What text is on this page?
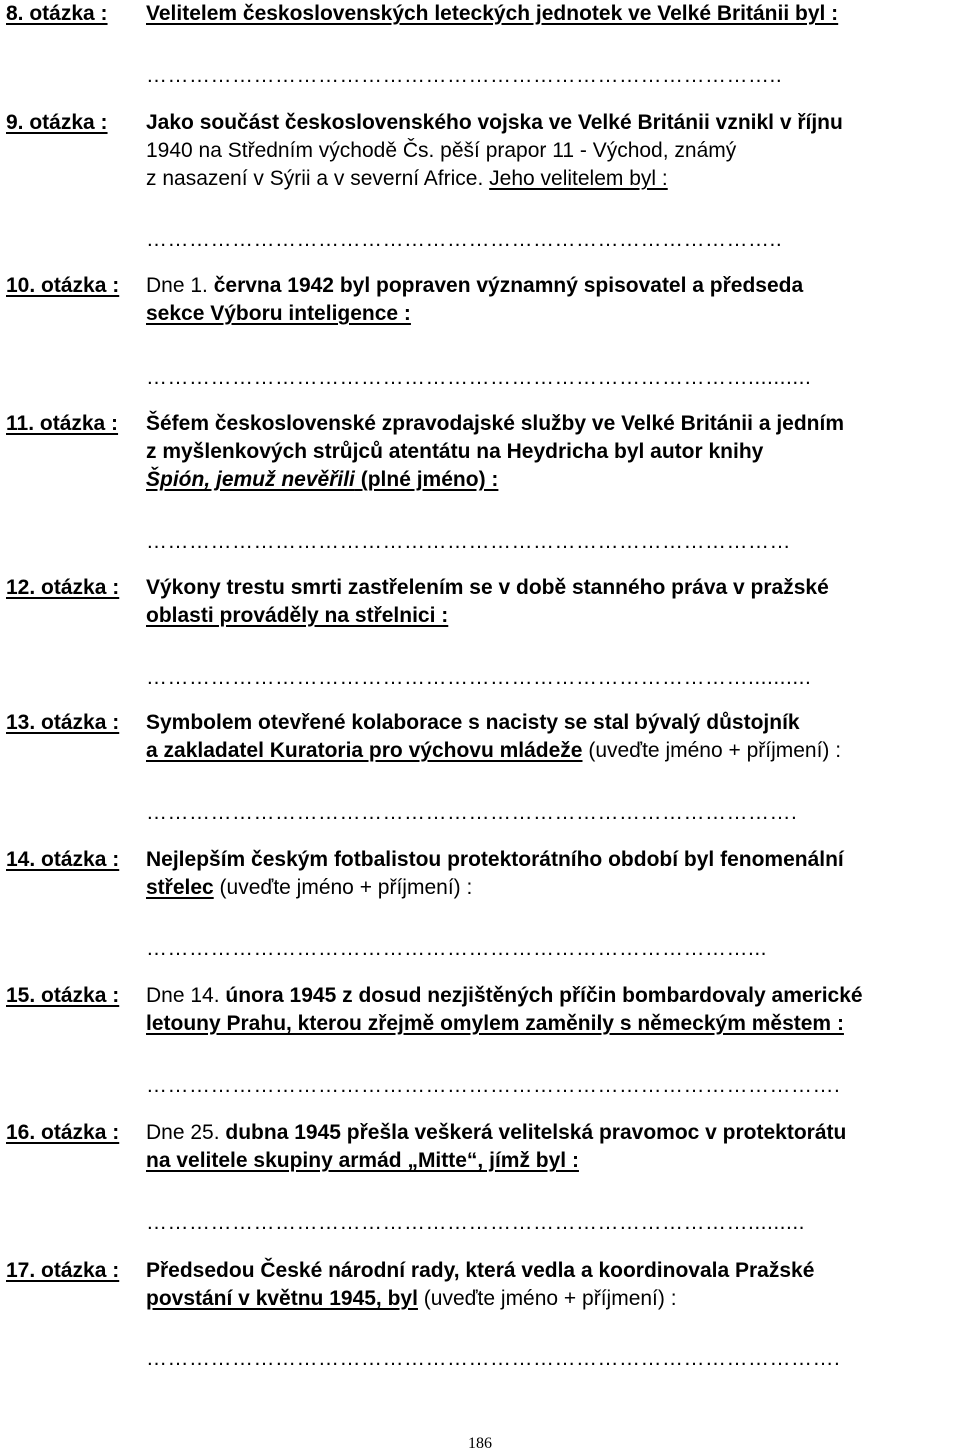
8. otázka : Velitelem československých leteckých jednotek ve Velké Británii byl :
……………………………………………………………………………..
9. otázka : Jako součást československého vojska ve Velké Británii vznikl v říjnu
1940 na Středním východě Čs. pěší prapor 11 - Východ, známý
z nasazení v Sýrii a v severní Africe. Jeho velitelem byl :
……………………………………………………………………………..
10. otázka : Dne 1. června 1942 byl popraven významný spisovatel a předseda
sekce Výboru inteligence :
…………………………………………………………………………..........
11. otázka : Šéfem československé zpravodajské služby ve Velké Británii a jedním
z myšlenkových strůjců atentátu na Heydricha byl autor knihy
Špión, jemuž nevěřili (plné jméno) :
………………………………………………………………………………
12. otázka : Výkony trestu smrti zastřelením se v době stanného práva v pražské
oblasti prováděly na střelnici :
…………………………………………………………………………..........
13. otázka : Symbolem otevřené kolaborace s nacisty se stal bývalý důstojník
a zakladatel Kuratoria pro výchovu mládeže (uveďte jméno + příjmení) :
……………………………………………………………………………….
14. otázka : Nejlepším českým fotbalistou protektorátního období byl fenomenální
střelec (uveďte jméno + příjmení) :
…………………………………………………………………………...
15. otázka : Dne 14. února 1945 z dosud nezjištěných příčin bombardovaly americké
letouny Prahu, kterou zřejmě omylem zaměnily s německým městem :
…………………………………………………………………………………….
16. otázka : Dne 25. dubna 1945 přešla veškerá velitelská pravomoc v protektorátu
na velitele skupiny armád „Mitte“, jímž byl :
………………………………………………………………………….........
17. otázka : Předsedou České národní rady, která vedla a koordinovala Pražské
povstání v květnu 1945, byl (uveďte jméno + příjmení) :
…………………………………………………………………………………….
186
